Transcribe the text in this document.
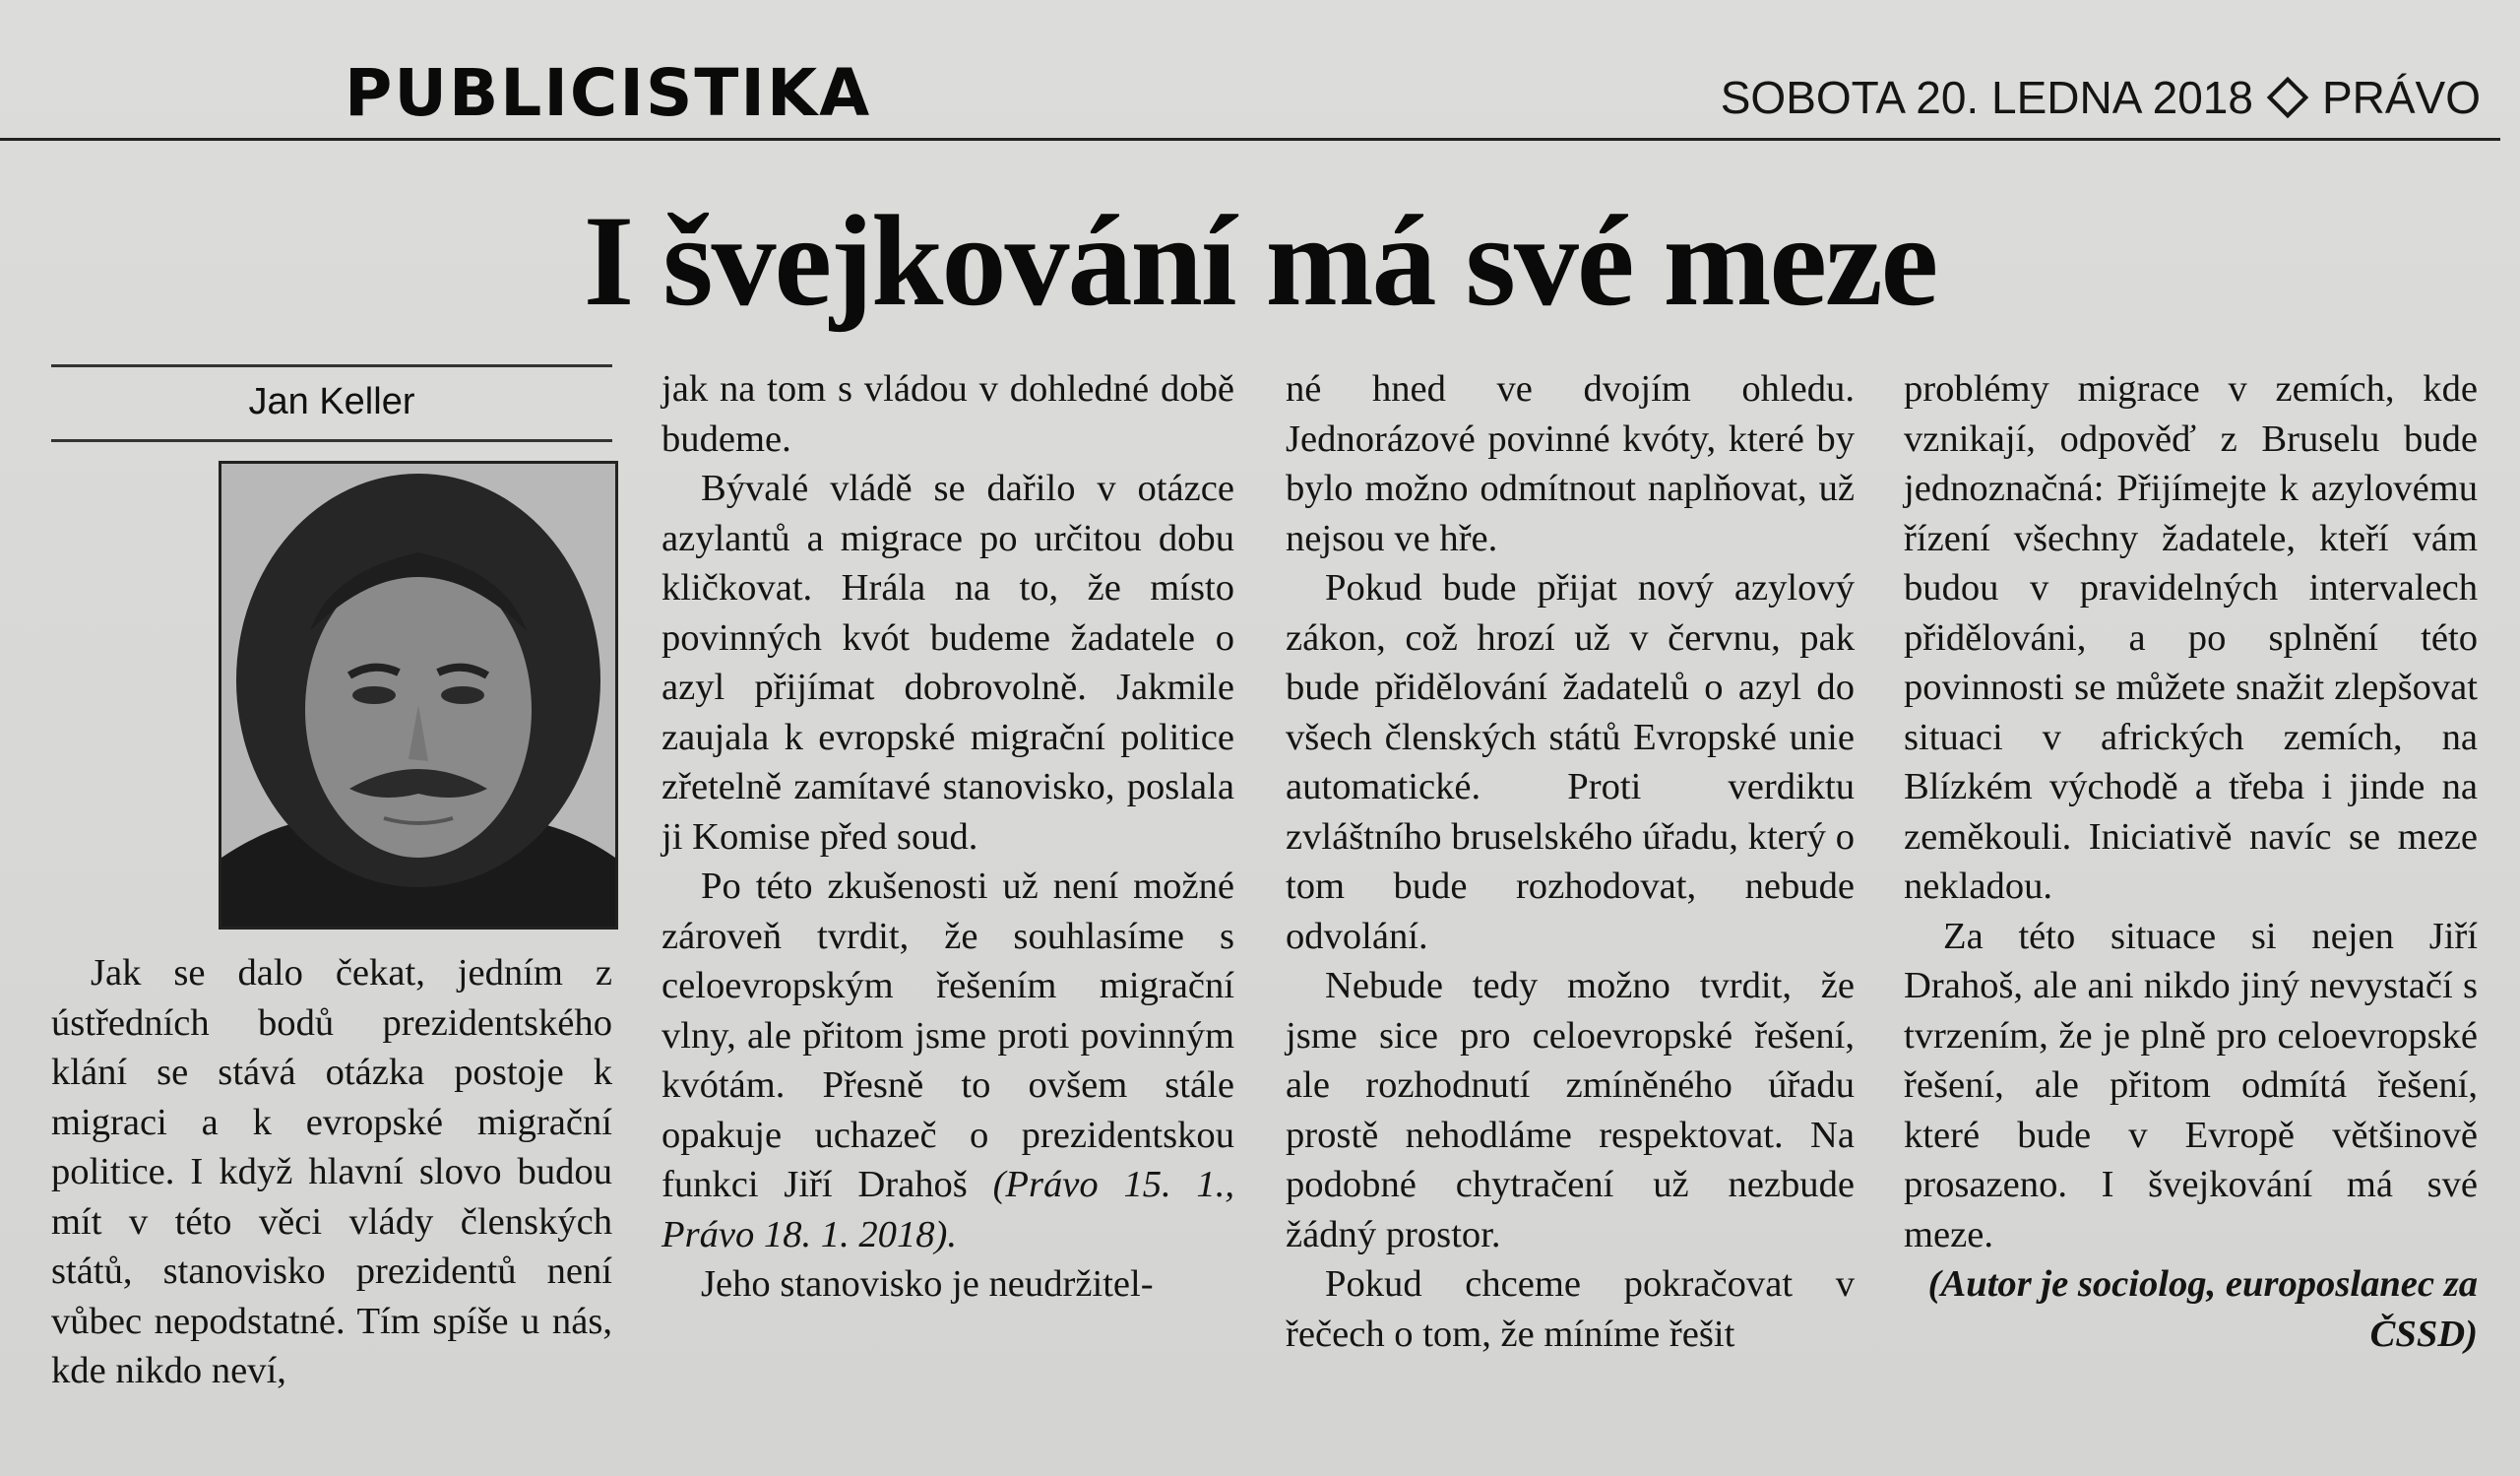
PUBLICISTIKA	SOBOTA 20. LEDNA 2018 PRÁVO
I švejkování má své meze
Jan Keller

Jak se dalo čekat, jedním z ústředních bodů prezidentského klání se stává otázka postoje k migraci a k evropské migrační politice. I když hlavní slovo budou mít v této věci vlády členských států, stanovisko prezidentů není vůbec nepodstatné. Tím spíše u nás, kde nikdo neví,

jak na tom s vládou v dohledné době budeme.

Bývalé vládě se dařilo v otázce azylantů a migrace po určitou dobu kličkovat. Hrála na to, že místo povinných kvót budeme žadatele o azyl přijímat dobrovolně. Jakmile zaujala k evropské migrační politice zřetelně zamítavé stanovisko, poslala ji Komise před soud.

Po této zkušenosti už není možné zároveň tvrdit, že souhlasíme s celoevropským řešením migrační vlny, ale přitom jsme proti povinným kvótám. Přesně to ovšem stále opakuje uchazeč o prezidentskou funkci Jiří Drahoš (Právo 15. 1., Právo 18. 1. 2018).

Jeho stanovisko je neudržitel-

né hned ve dvojím ohledu. Jednorázové povinné kvóty, které by bylo možno odmítnout naplňovat, už nejsou ve hře.

Pokud bude přijat nový azylový zákon, což hrozí už v červnu, pak bude přidělování žadatelů o azyl do všech členských států Evropské unie automatické. Proti verdiktu zvláštního bruselského úřadu, který o tom bude rozhodovat, nebude odvolání.

Nebude tedy možno tvrdit, že jsme sice pro celoevropské řešení, ale rozhodnutí zmíněného úřadu prostě nehodláme respektovat. Na podobné chytračení už nezbude žádný prostor.

Pokud chceme pokračovat v řečech o tom, že míníme řešit

problémy migrace v zemích, kde vznikají, odpověď z Bruselu bude jednoznačná: Přijímejte k azylovému řízení všechny žadatele, kteří vám budou v pravidelných intervalech přidělováni, a po splnění této povinnosti se můžete snažit zlepšovat situaci v afrických zemích, na Blízkém východě a třeba i jinde na zeměkouli. Iniciativě navíc se meze nekladou.

Za této situace si nejen Jiří Drahoš, ale ani nikdo jiný nevystačí s tvrzením, že je plně pro celoevropské řešení, ale přitom odmítá řešení, které bude v Evropě většinově prosazeno. I švejkování má své meze.

(Autor je sociolog, europoslanec za ČSSD)
